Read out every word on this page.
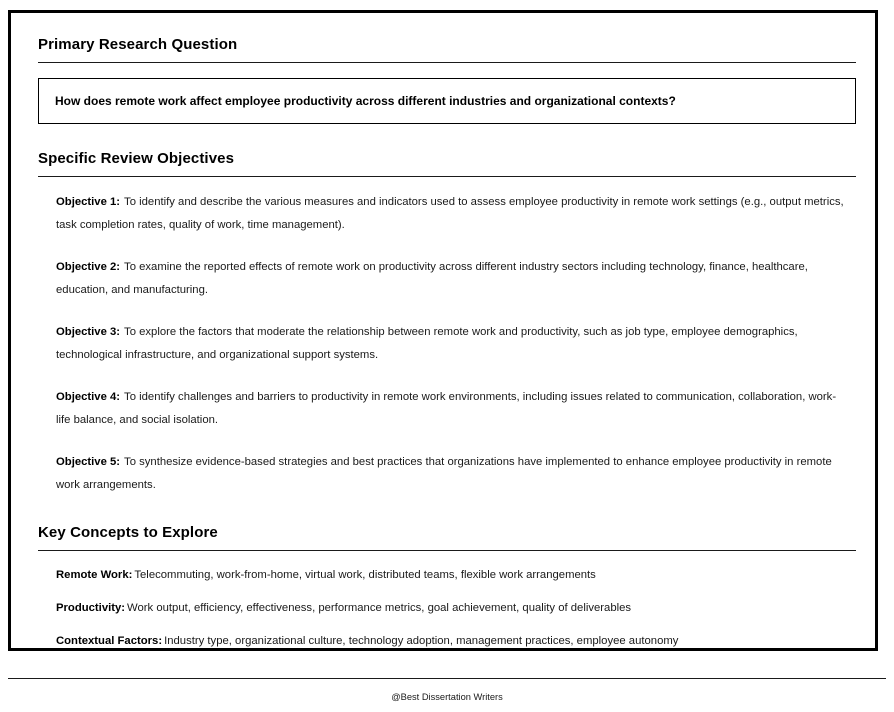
Primary Research Question

How does remote work affect employee productivity across different industries and organizational contexts?

Specific Review Objectives
Objective 1: To identify and describe the various measures and indicators used to assess employee productivity in remote work settings (e.g., output metrics, task completion rates, quality of work, time management).
Objective 2: To examine the reported effects of remote work on productivity across different industry sectors including technology, finance, healthcare, education, and manufacturing.
Objective 3: To explore the factors that moderate the relationship between remote work and productivity, such as job type, employee demographics, technological infrastructure, and organizational support systems.
Objective 4: To identify challenges and barriers to productivity in remote work environments, including issues related to communication, collaboration, work-life balance, and social isolation.
Objective 5: To synthesize evidence-based strategies and best practices that organizations have implemented to enhance employee productivity in remote work arrangements.
Key Concepts to Explore
Remote Work: Telecommuting, work-from-home, virtual work, distributed teams, flexible work arrangements
Productivity: Work output, efficiency, effectiveness, performance metrics, goal achievement, quality of deliverables
Contextual Factors: Industry type, organizational culture, technology adoption, management practices, employee autonomy
@Best Dissertation Writers
